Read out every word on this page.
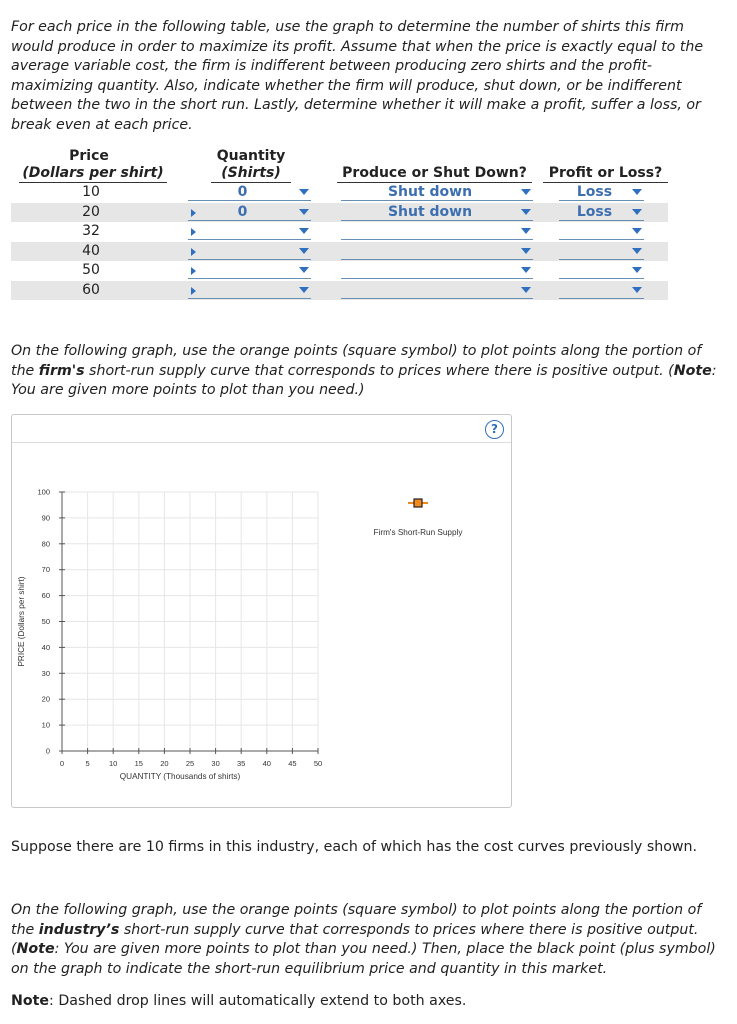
For each price in the following table, use the graph to determine the number of shirts this firm would produce in order to maximize its profit. Assume that when the price is exactly equal to the average variable cost, the firm is indifferent between producing zero shirts and the profit-maximizing quantity. Also, indicate whether the firm will produce, shut down, or be indifferent between the two in the short run. Lastly, determine whether it will make a profit, suffer a loss, or break even at each price.

Price
(Dollars per shirt)
Quantity
(Shirts)	Produce or Shut Down?	Profit or Loss?
10	0	Shut down	Loss
20	0	Shut down	Loss
32
40
50
60

On the following graph, use the orange points (square symbol) to plot points along the portion of the firm's short-run supply curve that corresponds to prices where there is positive output. (Note: You are given more points to plot than you need.)

?
0	5	10 15 20 25 30 35 40 45 50
0
10
20
30
40
50
60
70
80
90
100
QUANTITY (Thousands of shirts)
PRICE (Dollars per shirt)
Firm's Short-Run Supply

Suppose there are 10 firms in this industry, each of which has the cost curves previously shown.

On the following graph, use the orange points (square symbol) to plot points along the portion of the industry’s short-run supply curve that corresponds to prices where there is positive output. (Note: You are given more points to plot than you need.) Then, place the black point (plus symbol) on the graph to indicate the short-run equilibrium price and quantity in this market.

Note: Dashed drop lines will automatically extend to both axes.
